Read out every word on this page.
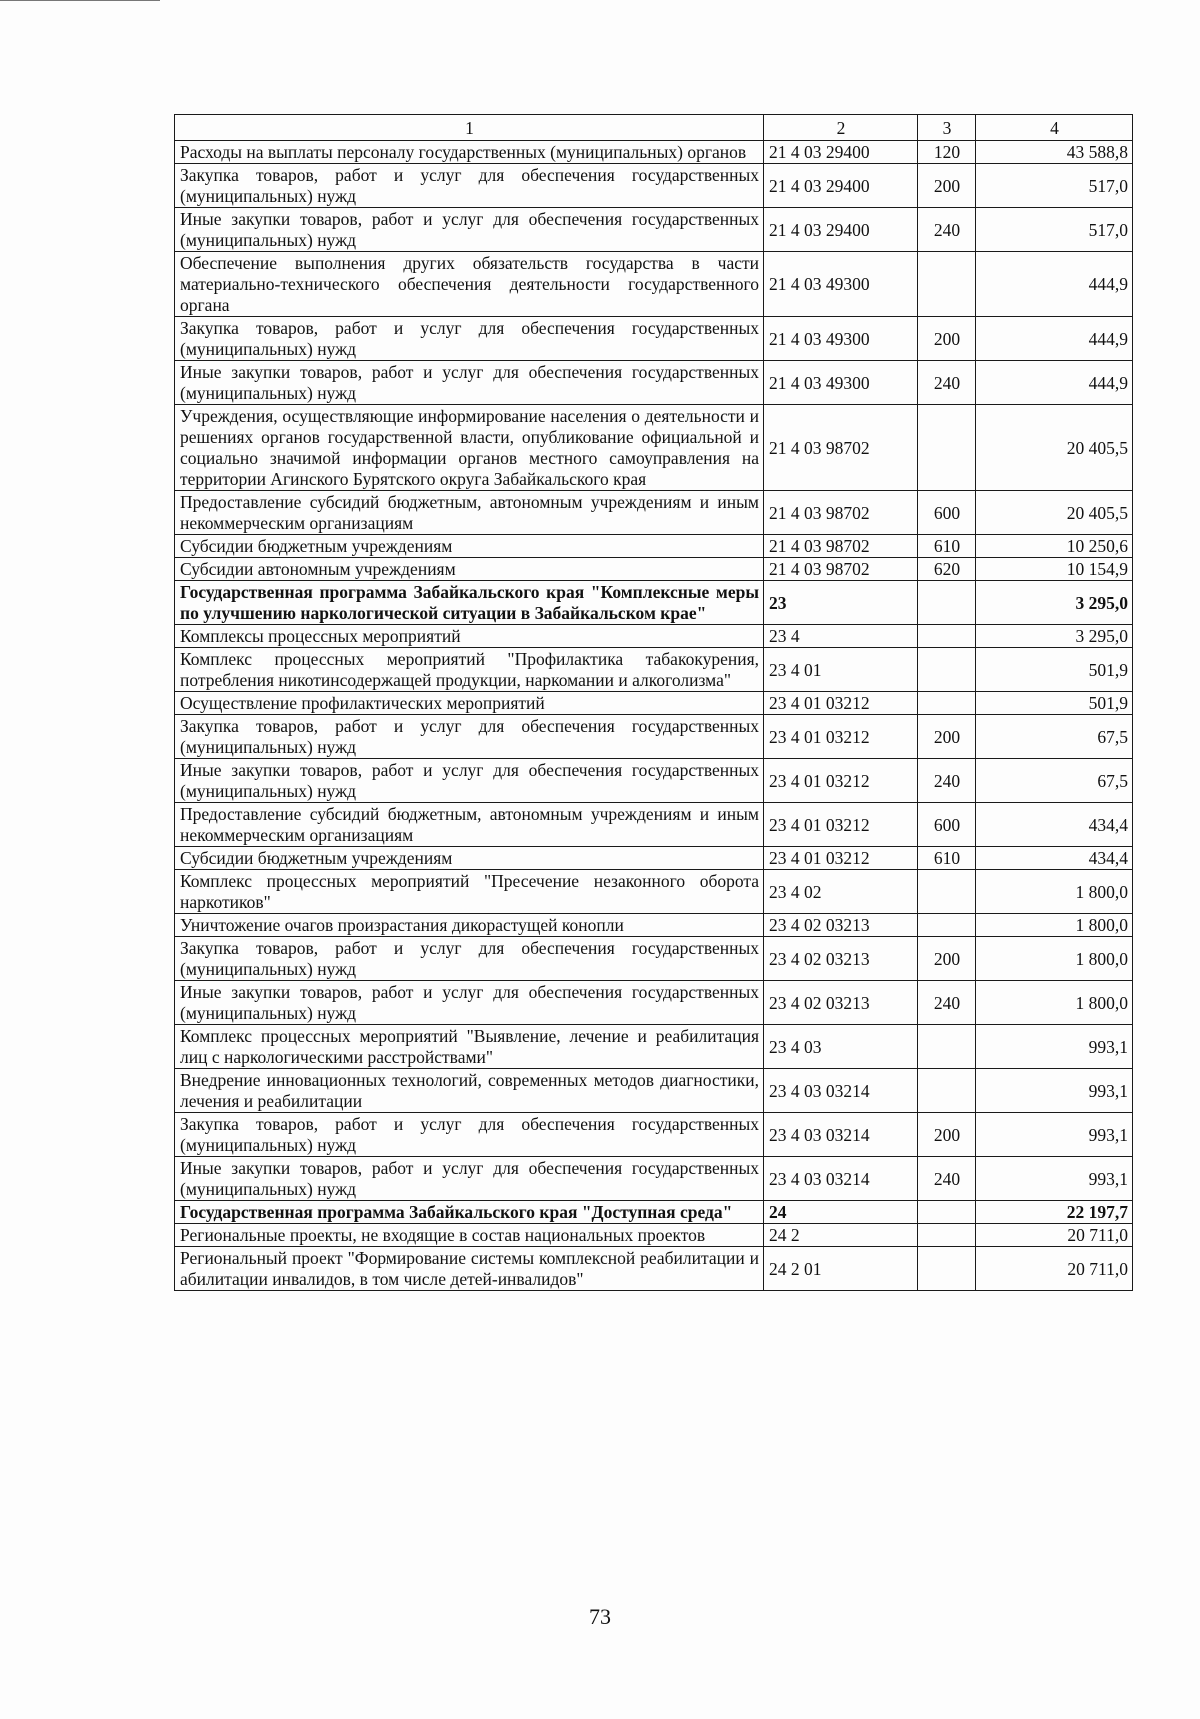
1	2	3	4
Расходы на выплаты персоналу государственных (муниципальных) органов	21 4 03 29400	120	43 588,8
Закупка товаров, работ и услуг для обеспечения государственных (муниципальных) нужд	21 4 03 29400	200	517,0
Иные закупки товаров, работ и услуг для обеспечения государственных (муниципальных) нужд	21 4 03 29400	240	517,0
Обеспечение выполнения других обязательств государства в части материально-технического обеспечения деятельности государственного органа	21 4 03 49300		444,9
Закупка товаров, работ и услуг для обеспечения государственных (муниципальных) нужд	21 4 03 49300	200	444,9
Иные закупки товаров, работ и услуг для обеспечения государственных (муниципальных) нужд	21 4 03 49300	240	444,9
Учреждения, осуществляющие информирование населения о деятельности и решениях органов государственной власти, опубликование официальной и социально значимой информации органов местного самоуправления на территории Агинского Бурятского округа Забайкальского края	21 4 03 98702		20 405,5
Предоставление субсидий бюджетным, автономным учреждениям и иным некоммерческим организациям	21 4 03 98702	600	20 405,5
Субсидии бюджетным учреждениям	21 4 03 98702	610	10 250,6
Субсидии автономным учреждениям	21 4 03 98702	620	10 154,9
Государственная программа Забайкальского края "Комплексные меры по улучшению наркологической ситуации в Забайкальском крае"	23		3 295,0
Комплексы процессных мероприятий	23 4		3 295,0
Комплекс процессных мероприятий "Профилактика табакокурения, потребления никотинсодержащей продукции, наркомании и алкоголизма"	23 4 01		501,9
Осуществление профилактических мероприятий	23 4 01 03212		501,9
Закупка товаров, работ и услуг для обеспечения государственных (муниципальных) нужд	23 4 01 03212	200	67,5
Иные закупки товаров, работ и услуг для обеспечения государственных (муниципальных) нужд	23 4 01 03212	240	67,5
Предоставление субсидий бюджетным, автономным учреждениям и иным некоммерческим организациям	23 4 01 03212	600	434,4
Субсидии бюджетным учреждениям	23 4 01 03212	610	434,4
Комплекс процессных мероприятий "Пресечение незаконного оборота наркотиков"	23 4 02		1 800,0
Уничтожение очагов произрастания дикорастущей конопли	23 4 02 03213		1 800,0
Закупка товаров, работ и услуг для обеспечения государственных (муниципальных) нужд	23 4 02 03213	200	1 800,0
Иные закупки товаров, работ и услуг для обеспечения государственных (муниципальных) нужд	23 4 02 03213	240	1 800,0
Комплекс процессных мероприятий "Выявление, лечение и реабилитация лиц с наркологическими расстройствами"	23 4 03		993,1
Внедрение инновационных технологий, современных методов диагностики, лечения и реабилитации	23 4 03 03214		993,1
Закупка товаров, работ и услуг для обеспечения государственных (муниципальных) нужд	23 4 03 03214	200	993,1
Иные закупки товаров, работ и услуг для обеспечения государственных (муниципальных) нужд	23 4 03 03214	240	993,1
Государственная программа Забайкальского края "Доступная среда"	24		22 197,7
Региональные проекты, не входящие в состав национальных проектов	24 2		20 711,0
Региональный проект "Формирование системы комплексной реабилитации и абилитации инвалидов, в том числе детей-инвалидов"	24 2 01		20 711,0
73
